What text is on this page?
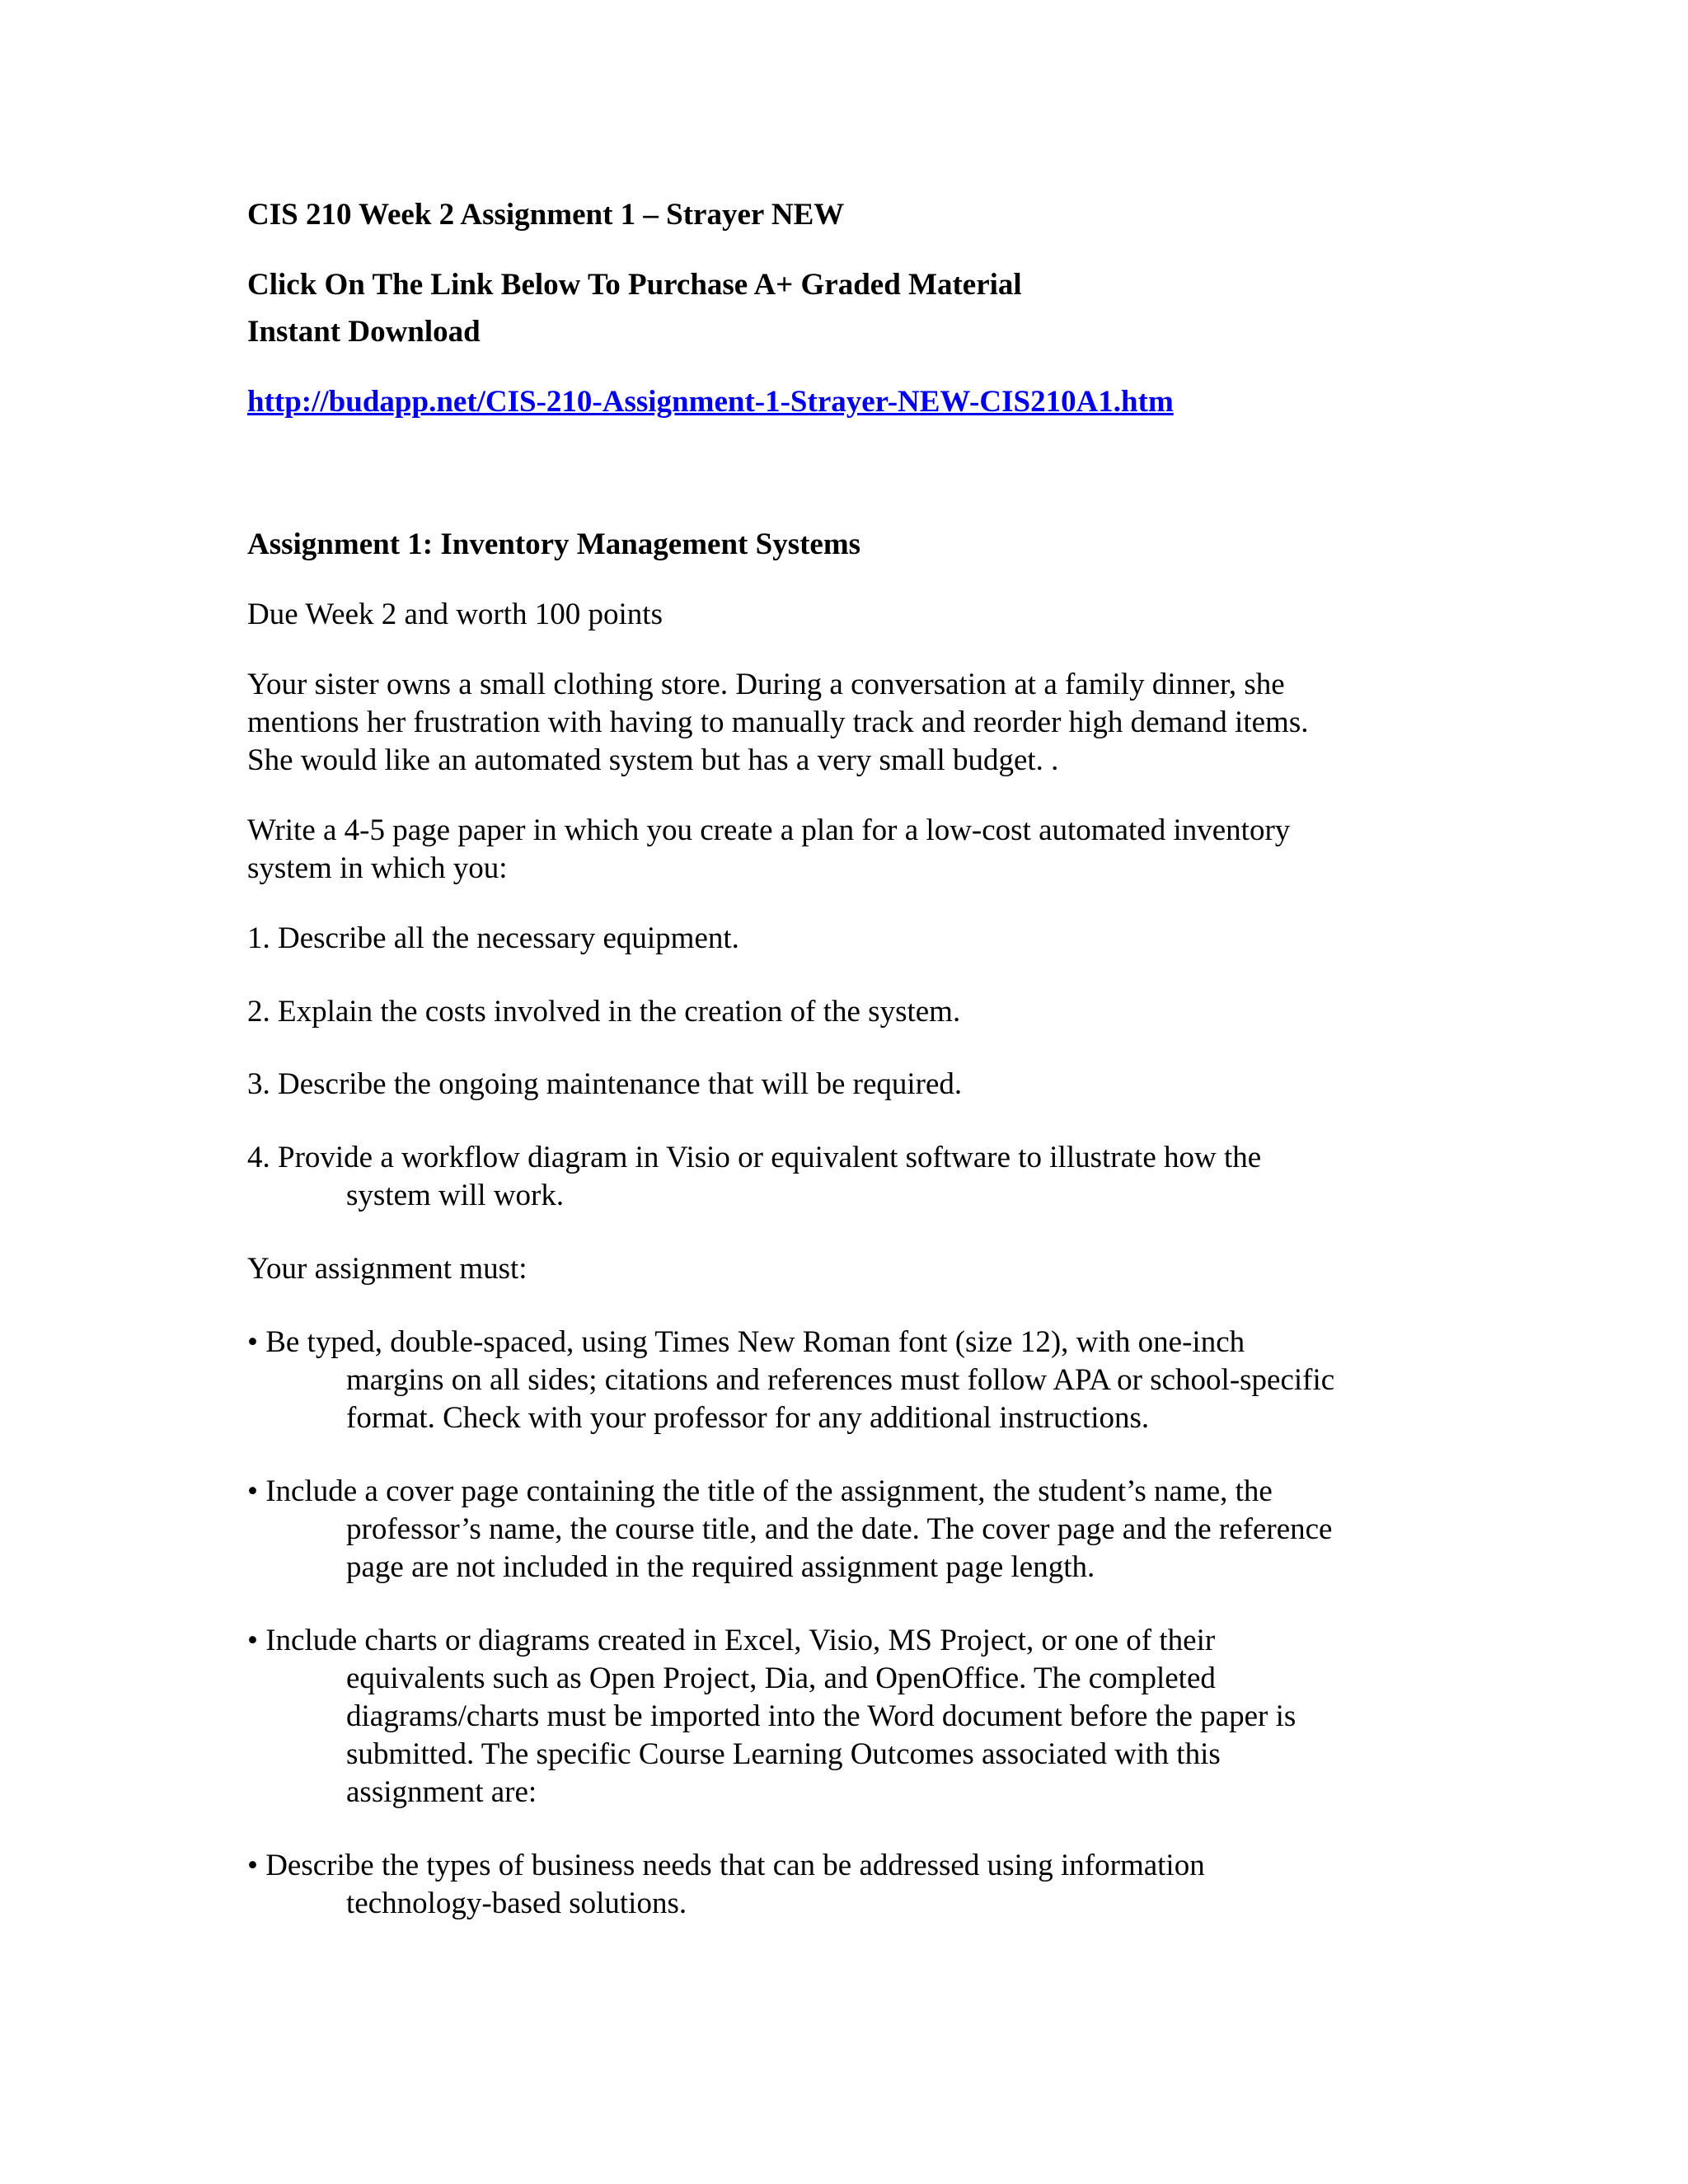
CIS 210 Week 2 Assignment 1 – Strayer NEW

Click On The Link Below To Purchase A+ Graded Material

Instant Download

http://budapp.net/CIS-210-Assignment-1-Strayer-NEW-CIS210A1.htm

Assignment 1: Inventory Management Systems

Due Week 2 and worth 100 points

Your sister owns a small clothing store. During a conversation at a family dinner, she

mentions her frustration with having to manually track and reorder high demand items.

She would like an automated system but has a very small budget. .

Write a 4-5 page paper in which you create a plan for a low-cost automated inventory

system in which you:

1. Describe all the necessary equipment.

2. Explain the costs involved in the creation of the system.

3. Describe the ongoing maintenance that will be required.

4. Provide a workflow diagram in Visio or equivalent software to illustrate how the

system will work.

Your assignment must:

• Be typed, double-spaced, using Times New Roman font (size 12), with one-inch

margins on all sides; citations and references must follow APA or school-specific

format. Check with your professor for any additional instructions.

• Include a cover page containing the title of the assignment, the student’s name, the

professor’s name, the course title, and the date. The cover page and the reference

page are not included in the required assignment page length.

• Include charts or diagrams created in Excel, Visio, MS Project, or one of their

equivalents such as Open Project, Dia, and OpenOffice. The completed

diagrams/charts must be imported into the Word document before the paper is

submitted. The specific Course Learning Outcomes associated with this

assignment are:

• Describe the types of business needs that can be addressed using information

technology-based solutions.
